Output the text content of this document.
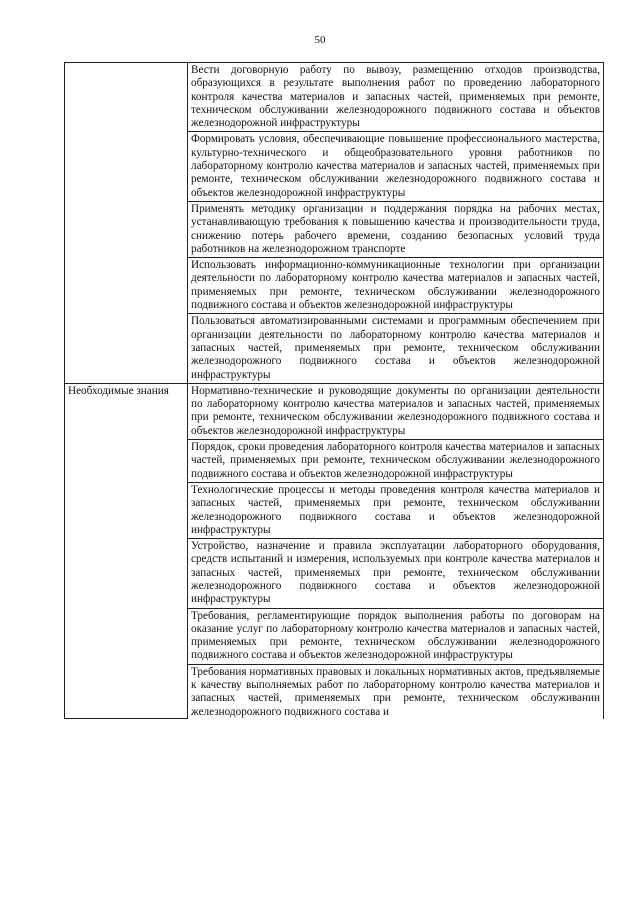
50
	Вести договорную работу по вывозу, размещению отходов производства, образующихся в результате выполнения работ по проведению лабораторного контроля качества материалов и запасных частей, применяемых при ремонте, техническом обслуживании железнодорожного подвижного состава и объектов железнодорожной инфраструктуры
	Формировать условия, обеспечивающие повышение профессионального мастерства, культурно-технического и общеобразовательного уровня работников по лабораторному контролю качества материалов и запасных частей, применяемых при ремонте, техническом обслуживании железнодорожного подвижного состава и объектов железнодорожной инфраструктуры
	Применять методику организации и поддержания порядка на рабочих местах, устанавливающую требования к повышению качества и производительности труда, снижению потерь рабочего времени, созданию безопасных условий труда работников на железнодорожном транспорте
	Использовать информационно-коммуникационные технологии при организации деятельности по лабораторному контролю качества материалов и запасных частей, применяемых при ремонте, техническом обслуживании железнодорожного подвижного состава и объектов железнодорожной инфраструктуры
	Пользоваться автоматизированными системами и программным обеспечением при организации деятельности по лабораторному контролю качества материалов и запасных частей, применяемых при ремонте, техническом обслуживании железнодорожного подвижного состава и объектов железнодорожной инфраструктуры
Необходимые знания	Нормативно-технические и руководящие документы по организации деятельности по лабораторному контролю качества материалов и запасных частей, применяемых при ремонте, техническом обслуживании железнодорожного подвижного состава и объектов железнодорожной инфраструктуры
	Порядок, сроки проведения лабораторного контроля качества материалов и запасных частей, применяемых при ремонте, техническом обслуживании железнодорожного подвижного состава и объектов железнодорожной инфраструктуры
	Технологические процессы и методы проведения контроля качества материалов и запасных частей, применяемых при ремонте, техническом обслуживании железнодорожного подвижного состава и объектов железнодорожной инфраструктуры
	Устройство, назначение и правила эксплуатации лабораторного оборудования, средств испытаний и измерения, используемых при контроле качества материалов и запасных частей, применяемых при ремонте, техническом обслуживании железнодорожного подвижного состава и объектов железнодорожной инфраструктуры
	Требования, регламентирующие порядок выполнения работы по договорам на оказание услуг по лабораторному контролю качества материалов и запасных частей, применяемых при ремонте, техническом обслуживании железнодорожного подвижного состава и объектов железнодорожной инфраструктуры
	Требования нормативных правовых и локальных нормативных актов, предъявляемые к качеству выполняемых работ по лабораторному контролю качества материалов и запасных частей, применяемых при ремонте, техническом обслуживании железнодорожного подвижного состава и
